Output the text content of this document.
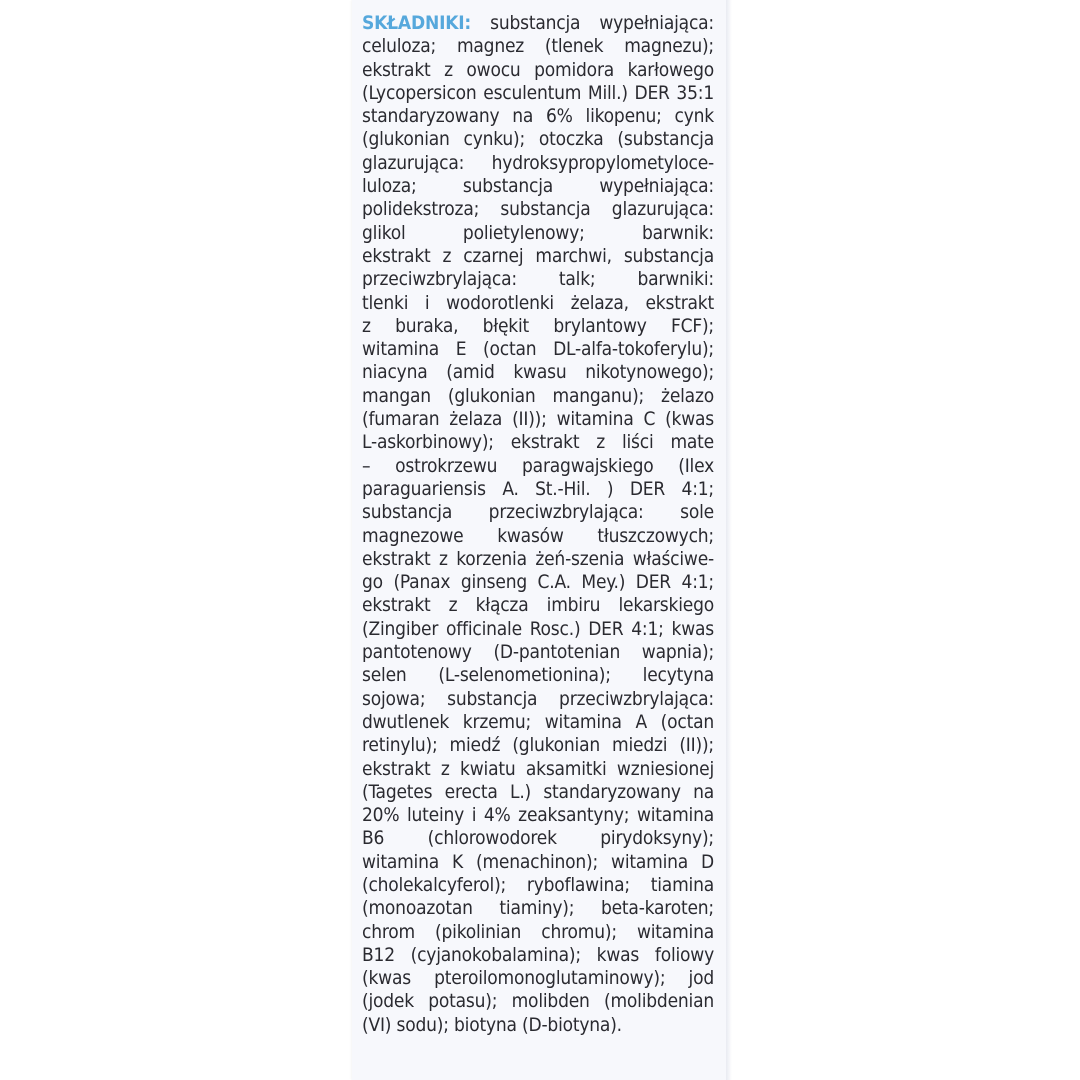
SKŁADNIKI: substancja wypełniająca:
celuloza; magnez (tlenek magnezu);
ekstrakt z owocu pomidora karłowego
(Lycopersicon esculentum Mill.) DER 35:1
standaryzowany na 6% likopenu; cynk
(glukonian cynku); otoczka (substancja
glazurująca: hydroksypropylometyloce-
luloza; substancja wypełniająca:
polidekstroza; substancja glazurująca:
glikol polietylenowy; barwnik:
ekstrakt z czarnej marchwi, substancja
przeciwzbrylająca: talk; barwniki:
tlenki i wodorotlenki żelaza, ekstrakt
z buraka, błękit brylantowy FCF);
witamina E (octan DL-alfa-tokoferylu);
niacyna (amid kwasu nikotynowego);
mangan (glukonian manganu); żelazo
(fumaran żelaza (II)); witamina C (kwas
L-askorbinowy); ekstrakt z liści mate
– ostrokrzewu paragwajskiego (Ilex
paraguariensis A. St.-Hil. ) DER 4:1;
substancja przeciwzbrylająca: sole
magnezowe kwasów tłuszczowych;
ekstrakt z korzenia żeń-szenia właściwe-
go (Panax ginseng C.A. Mey.) DER 4:1;
ekstrakt z kłącza imbiru lekarskiego
(Zingiber officinale Rosc.) DER 4:1; kwas
pantotenowy (D-pantotenian wapnia);
selen (L-selenometionina); lecytyna
sojowa; substancja przeciwzbrylająca:
dwutlenek krzemu; witamina A (octan
retinylu); miedź (glukonian miedzi (II));
ekstrakt z kwiatu aksamitki wzniesionej
(Tagetes erecta L.) standaryzowany na
20% luteiny i 4% zeaksantyny; witamina
B6 (chlorowodorek pirydoksyny);
witamina K (menachinon); witamina D
(cholekalcyferol); ryboflawina; tiamina
(monoazotan tiaminy); beta-karoten;
chrom (pikolinian chromu); witamina
B12 (cyjanokobalamina); kwas foliowy
(kwas pteroilomonoglutaminowy); jod
(jodek potasu); molibden (molibdenian
(VI) sodu); biotyna (D-biotyna).
